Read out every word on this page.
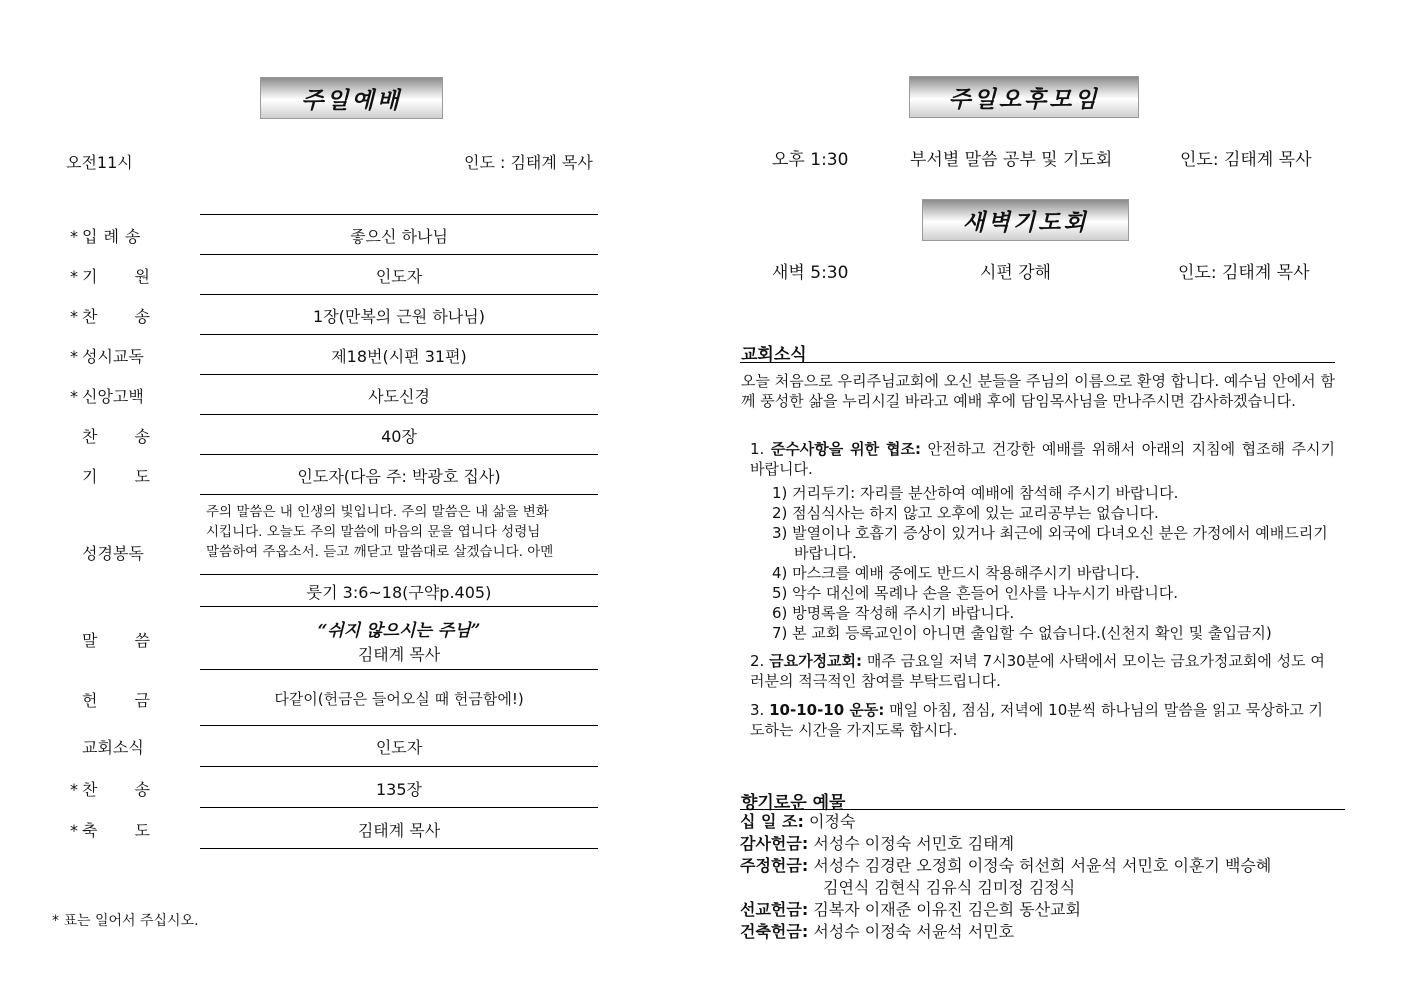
주일예배
오전11시	인도 : 김태계 목사
* 입례송	좋으신 하나님
* 기 원	인도자
* 찬 송	1장(만복의 근원 하나님)
* 성시교독	제18번(시편 31편)
* 신앙고백	사도신경
찬 송	40장
기 도	인도자(다음 주: 박광호 집사)
성경봉독
주의 말씀은 내 인생의 빛입니다. 주의 말씀은 내 삶을 변화
시킵니다. 오늘도 주의 말씀에 마음의 문을 엽니다 성령님
말씀하여 주옵소서. 듣고 깨닫고 말씀대로 살겠습니다. 아멘
룻기 3:6~18(구약p.405)
말 씀	“쉬지 않으시는 주님”
김태계 목사
헌 금	다같이(헌금은 들어오실 때 헌금함에!)
교회소식	인도자
* 찬 송	135장
* 축 도	김태계 목사
* 표는 일어서 주십시오.
주일오후모임
오후 1:30	부서별 말씀 공부 및 기도회	인도: 김태계 목사
새벽기도회
새벽 5:30	시편 강해	인도: 김태계 목사
교회소식
오늘 처음으로 우리주님교회에 오신 분들을 주님의 이름으로 환영 합니다. 예수님 안에서 함께 풍성한 삶을 누리시길 바라고 예배 후에 담임목사님을 만나주시면 감사하겠습니다.
1. 준수사항을 위한 협조: 안전하고 건강한 예배를 위해서 아래의 지침에 협조해 주시기 바랍니다.
1) 거리두기: 자리를 분산하여 예배에 참석해 주시기 바랍니다.
2) 점심식사는 하지 않고 오후에 있는 교리공부는 없습니다.
3) 발열이나 호흡기 증상이 있거나 최근에 외국에 다녀오신 분은 가정에서 예배드리기 바랍니다.
4) 마스크를 예배 중에도 반드시 착용해주시기 바랍니다.
5) 악수 대신에 목례나 손을 흔들어 인사를 나누시기 바랍니다.
6) 방명록을 작성해 주시기 바랍니다.
7) 본 교회 등록교인이 아니면 출입할 수 없습니다.(신천지 확인 및 출입금지)
2. 금요가정교회: 매주 금요일 저녁 7시30분에 사택에서 모이는 금요가정교회에 성도 여러분의 적극적인 참여를 부탁드립니다.
3. 10-10-10 운동: 매일 아침, 점심, 저녁에 10분씩 하나님의 말씀을 읽고 묵상하고 기도하는 시간을 가지도록 합시다.
향기로운 예물
십 일 조: 이정숙
감사헌금: 서성수 이정숙 서민호 김태계
주정헌금: 서성수 김경란 오정희 이정숙 허선희 서윤석 서민호 이훈기 백승혜
김연식 김현식 김유식 김미정 김정식
선교헌금: 김복자 이재준 이유진 김은희 동산교회
건축헌금: 서성수 이정숙 서윤석 서민호
